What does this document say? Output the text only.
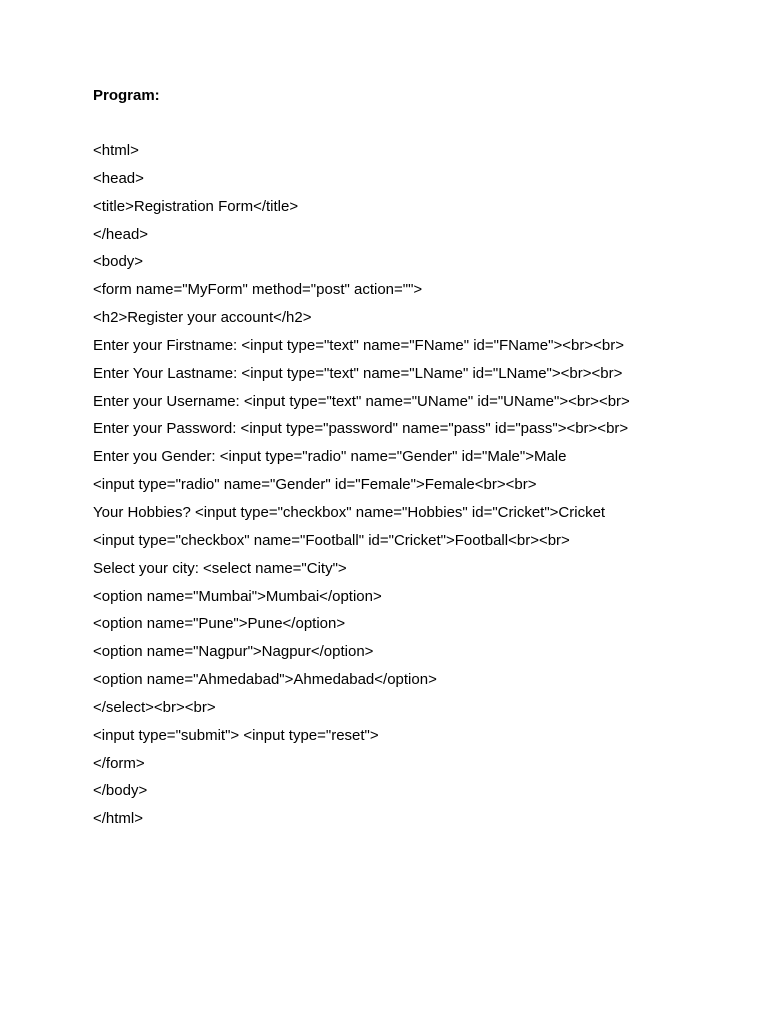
Program:
<html>
<head>
<title>Registration Form</title>
</head>
<body>
<form name="MyForm" method="post" action="">
<h2>Register your account</h2>
Enter your Firstname: <input type="text" name="FName" id="FName"><br><br>
Enter Your Lastname: <input type="text" name="LName" id="LName"><br><br>
Enter your Username: <input type="text" name="UName" id="UName"><br><br>
Enter your Password: <input type="password" name="pass" id="pass"><br><br>
Enter you Gender: <input type="radio" name="Gender" id="Male">Male
<input type="radio" name="Gender" id="Female">Female<br><br>
Your Hobbies? <input type="checkbox" name="Hobbies" id="Cricket">Cricket
<input type="checkbox" name="Football" id="Cricket">Football<br><br>
Select your city: <select name="City">
<option name="Mumbai">Mumbai</option>
<option name="Pune">Pune</option>
<option name="Nagpur">Nagpur</option>
<option name="Ahmedabad">Ahmedabad</option>
</select><br><br>
<input type="submit"> <input type="reset">
</form>
</body>
</html>
